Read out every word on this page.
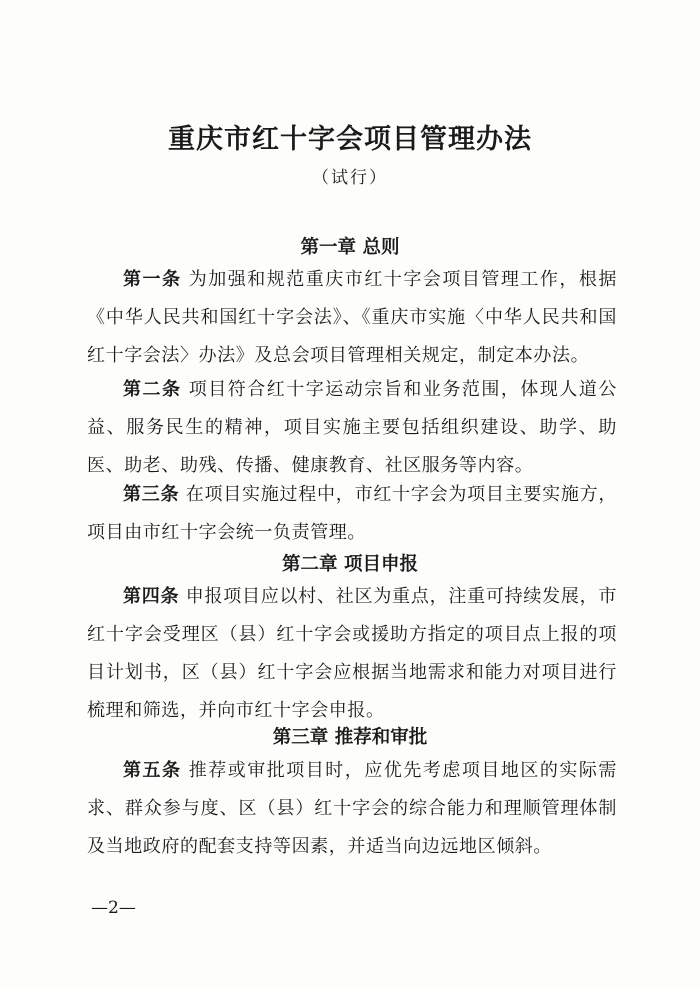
重庆市红十字会项目管理办法
（试行）
第一章 总则
第一条 为加强和规范重庆市红十字会项目管理工作，根据《中华人民共和国红十字会法》、《重庆市实施〈中华人民共和国红十字会法〉办法》及总会项目管理相关规定，制定本办法。
第二条 项目符合红十字运动宗旨和业务范围，体现人道公益、服务民生的精神，项目实施主要包括组织建设、助学、助医、助老、助残、传播、健康教育、社区服务等内容。
第三条 在项目实施过程中，市红十字会为项目主要实施方，项目由市红十字会统一负责管理。
第二章 项目申报
第四条 申报项目应以村、社区为重点，注重可持续发展，市红十字会受理区（县）红十字会或援助方指定的项目点上报的项目计划书，区（县）红十字会应根据当地需求和能力对项目进行梳理和筛选，并向市红十字会申报。
第三章 推荐和审批
第五条 推荐或审批项目时，应优先考虑项目地区的实际需求、群众参与度、区（县）红十字会的综合能力和理顺管理体制及当地政府的配套支持等因素，并适当向边远地区倾斜。
—2—
